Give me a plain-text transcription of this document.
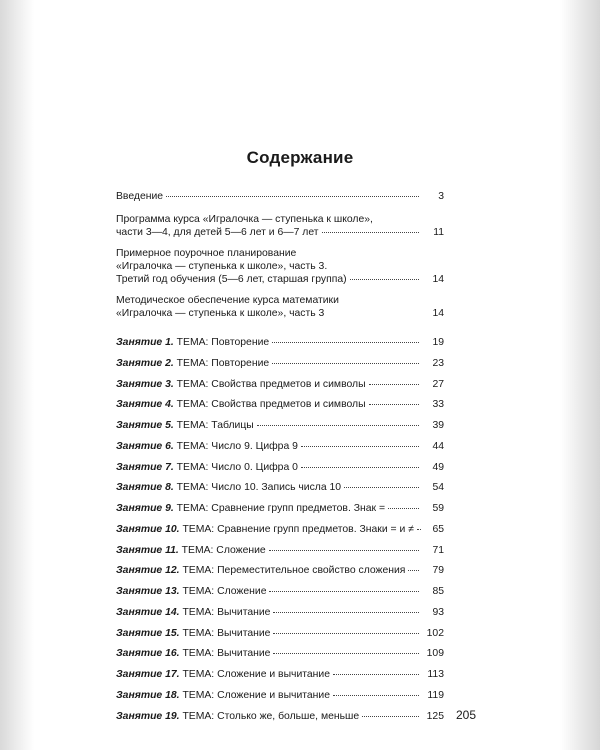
Содержание
Введение	3
Программа курса «Игралочка — ступенька к школе»,
части 3—4, для детей 5—6 лет и 6—7 лет	11
Примерное поурочное планирование
«Игралочка — ступенька к школе», часть 3.
Третий год обучения (5—6 лет, старшая группа)	14
Методическое обеспечение курса математики
«Игралочка — ступенька к школе», часть 3	14
Занятие 1. ТЕМА: Повторение	19
Занятие 2. ТЕМА: Повторение	23
Занятие 3. ТЕМА: Свойства предметов и символы	27
Занятие 4. ТЕМА: Свойства предметов и символы	33
Занятие 5. ТЕМА: Таблицы	39
Занятие 6. ТЕМА: Число 9. Цифра 9	44
Занятие 7. ТЕМА: Число 0. Цифра 0	49
Занятие 8. ТЕМА: Число 10. Запись числа 10	54
Занятие 9. ТЕМА: Сравнение групп предметов. Знак =	59
Занятие 10. ТЕМА: Сравнение групп предметов. Знаки = и ≠	65
Занятие 11. ТЕМА: Сложение	71
Занятие 12. ТЕМА: Переместительное свойство сложения	79
Занятие 13. ТЕМА: Сложение	85
Занятие 14. ТЕМА: Вычитание	93
Занятие 15. ТЕМА: Вычитание	102
Занятие 16. ТЕМА: Вычитание	109
Занятие 17. ТЕМА: Сложение и вычитание	113
Занятие 18. ТЕМА: Сложение и вычитание	119
Занятие 19. ТЕМА: Столько же, больше, меньше	125 205
